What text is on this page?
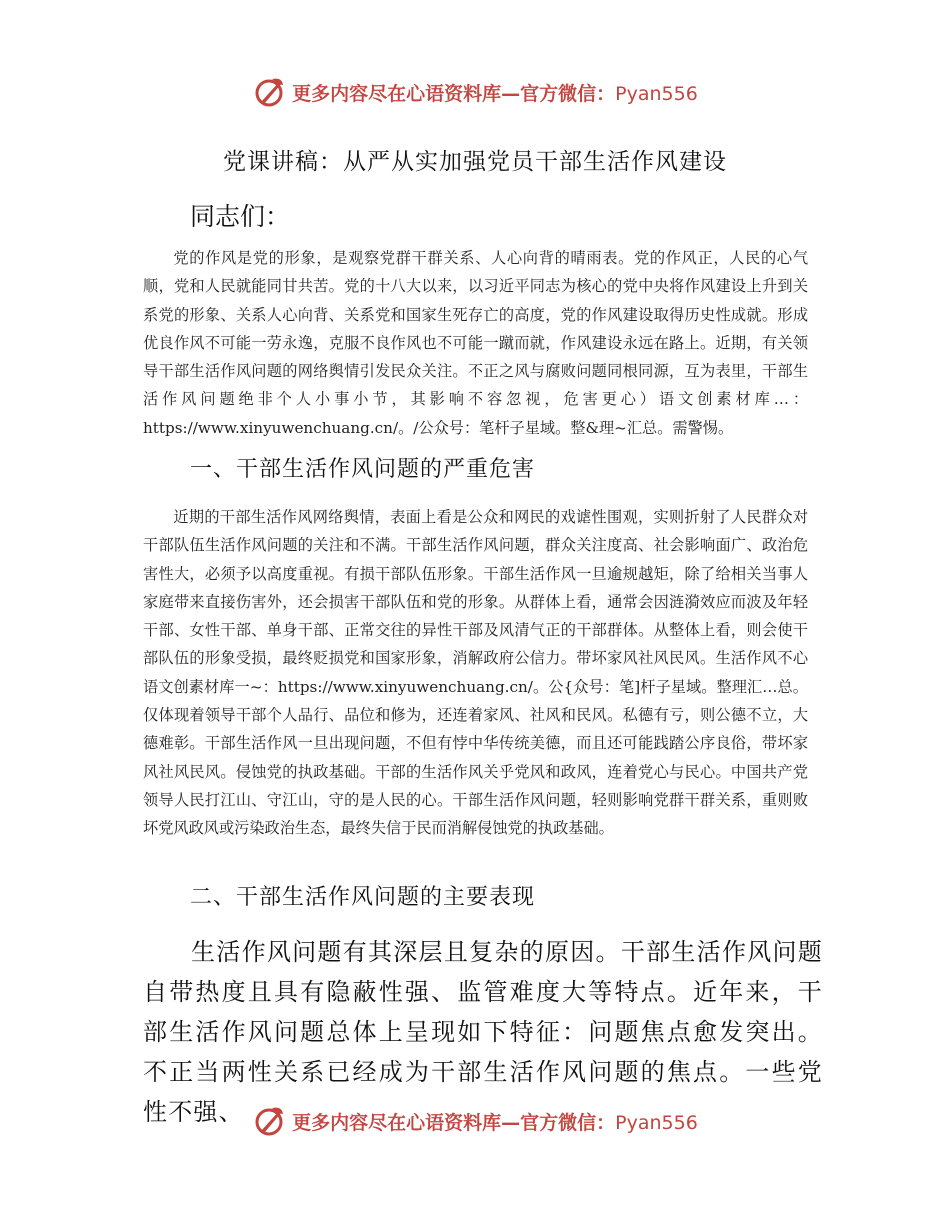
更多内容尽在心语资料库—官方微信：Pyan556
党课讲稿：从严从实加强党员干部生活作风建设
同志们：

党的作风是党的形象，是观察党群干群关系、人心向背的晴雨表。党的作风正，人民的心气顺，党和人民就能同甘共苦。党的十八大以来，以习近平同志为核心的党中央将作风建设上升到关系党的形象、关系人心向背、关系党和国家生死存亡的高度，党的作风建设取得历史性成就。形成优良作风不可能一劳永逸，克服不良作风也不可能一蹴而就，作风建设永远在路上。近期，有关领导干部生活作风问题的网络舆情引发民众关注。不正之风与腐败问题同根同源，互为表里，干部生活作风问题绝非个人小事小节，其影响不容忽视，危害更心）语文创素材库…：https://www.xinyuwenchuang.cn/。/公众号：笔杆子星域。整&理~汇总。需警惕。

一、干部生活作风问题的严重危害

近期的干部生活作风网络舆情，表面上看是公众和网民的戏谑性围观，实则折射了人民群众对干部队伍生活作风问题的关注和不满。干部生活作风问题，群众关注度高、社会影响面广、政治危害性大，必须予以高度重视。有损干部队伍形象。干部生活作风一旦逾规越矩，除了给相关当事人家庭带来直接伤害外，还会损害干部队伍和党的形象。从群体上看，通常会因涟漪效应而波及年轻干部、女性干部、单身干部、正常交往的异性干部及风清气正的干部群体。从整体上看，则会使干部队伍的形象受损，最终贬损党和国家形象，消解政府公信力。带坏家风社风民风。生活作风不心语文创素材库一~：https://www.xinyuwenchuang.cn/。公{众号：笔]杆子星域。整理汇…总。仅体现着领导干部个人品行、品位和修为，还连着家风、社风和民风。私德有亏，则公德不立，大德难彰。干部生活作风一旦出现问题，不但有悖中华传统美德，而且还可能践踏公序良俗，带坏家风社风民风。侵蚀党的执政基础。干部的生活作风关乎党风和政风，连着党心与民心。中国共产党领导人民打江山、守江山，守的是人民的心。干部生活作风问题，轻则影响党群干群关系，重则败坏党风政风或污染政治生态，最终失信于民而消解侵蚀党的执政基础。

二、干部生活作风问题的主要表现

生活作风问题有其深层且复杂的原因。干部生活作风问题自带热度且具有隐蔽性强、监管难度大等特点。近年来，干部生活作风问题总体上呈现如下特征：问题焦点愈发突出。不正当两性关系已经成为干部生活作风问题的焦点。一些党性不强、	更多内容尽在心语资料库—官方微信：Pyan556
